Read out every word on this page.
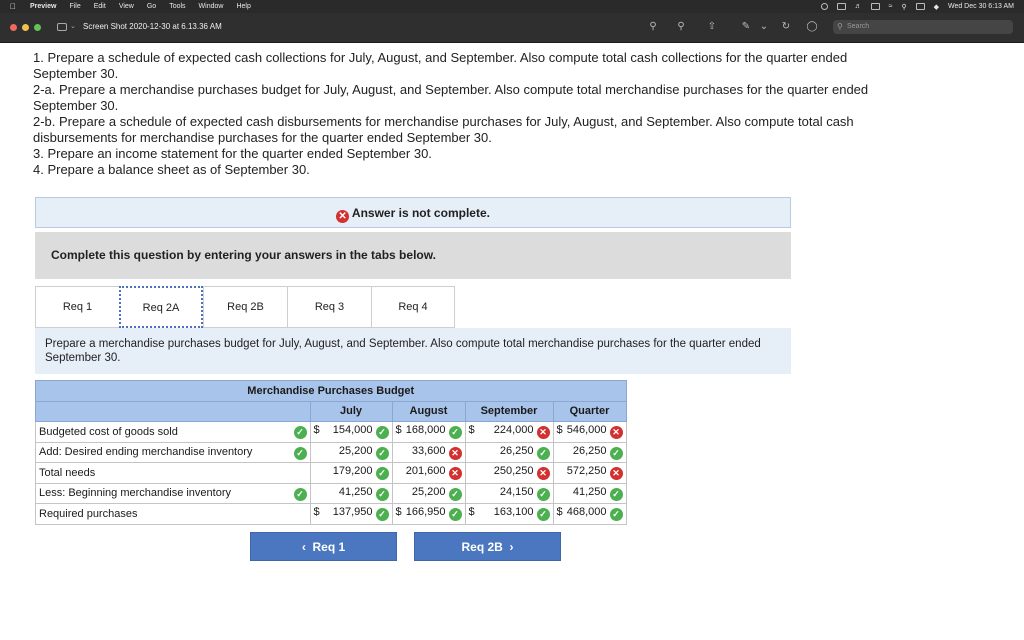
Preview File Edit View Go Tools Window Help	♬	≈ ⚲	◆ Wed Dec 30 6:13 AM
⌄ Screen Shot 2020-12-30 at 6.13.36 AM	⚲ ⚲ ⇧	✎ ⌄ ↻ ◯ ⚲ Search
1. Prepare a schedule of expected cash collections for July, August, and September. Also compute total cash collections for the quarter ended September 30.
2-a. Prepare a merchandise purchases budget for July, August, and September. Also compute total merchandise purchases for the quarter ended September 30.
2-b. Prepare a schedule of expected cash disbursements for merchandise purchases for July, August, and September. Also compute total cash disbursements for merchandise purchases for the quarter ended September 30.
3. Prepare an income statement for the quarter ended September 30.
4. Prepare a balance sheet as of September 30.
✕ Answer is not complete.
Complete this question by entering your answers in the tabs below.
Req 1	Req 2A	Req 2B	Req 3	Req 4
Prepare a merchandise purchases budget for July, August, and September. Also compute total merchandise purchases for the quarter ended September 30.
Merchandise Purchases Budget					
		July	August	September	Quarter
Budgeted cost of goods sold	✓	$ 154,000 ✓	$ 168,000 ✓	$ 224,000 ✕	$ 546,000 ✕
Add: Desired ending merchandise inventory	✓	25,200 ✓	33,600 ✕	26,250 ✓	26,250 ✓
Total needs		179,200 ✓	201,600 ✕	250,250 ✕	572,250 ✕
Less: Beginning merchandise inventory	✓	41,250 ✓	25,200 ✓	24,150 ✓	41,250 ✓
Required purchases		$ 137,950 ✓	$ 166,950 ✓	$ 163,100 ✓	$ 468,000 ✓
‹ Req 1	Req 2B ›
